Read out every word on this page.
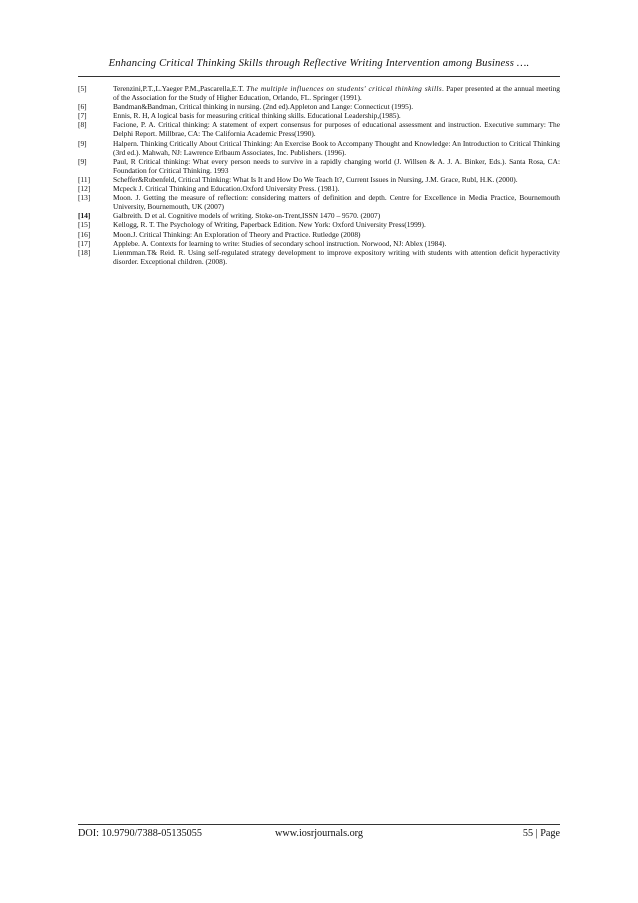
Enhancing Critical Thinking Skills through Reflective Writing Intervention among Business ….
[5]	Terenzini,P.T.,L.Yaeger P.M.,Pascarella,E.T. The multiple influences on students' critical thinking skills. Paper presented at the annual meeting of the Association for the Study of Higher Education, Orlando, FL. Springer (1991).
[6]	Bandman&Bandman, Critical thinking in nursing. (2nd ed).Appleton and Lange: Connecticut (1995).
[7]	Ennis, R. H, A logical basis for measuring critical thinking skills. Educational Leadership,(1985).
[8]	Facione, P. A. Critical thinking: A statement of expert consensus for purposes of educational assessment and instruction. Executive summary: The Delphi Report. Millbrae, CA: The California Academic Press(1990).
[9]	Halpern. Thinking Critically About Critical Thinking: An Exercise Book to Accompany Thought and Knowledge: An Introduction to Critical Thinking (3rd ed.). Mahwah, NJ: Lawrence Erlbaum Associates, Inc. Publishers. (1996).
[9]	Paul, R Critical thinking: What every person needs to survive in a rapidly changing world (J. Willsen & A. J. A. Binker, Eds.). Santa Rosa, CA: Foundation for Critical Thinking. 1993
[11]	Scheffer&Rubenfeld, Critical Thinking: What Is It and How Do We Teach It?, Current Issues in Nursing, J.M. Grace, Rubl, H.K. (2000).
[12]	Mcpeck J. Critical Thinking and Education.Oxford University Press. (1981).
[13]	Moon. J. Getting the measure of reflection: considering matters of definition and depth. Centre for Excellence in Media Practice, Bournemouth University, Bournemouth, UK (2007)
[14]	Galbreith. D et al. Cognitive models of writing. Stoke-on-Trent,ISSN 1470 – 9570. (2007)
[15]	Kellogg, R. T. The Psychology of Writing, Paperback Edition. New York: Oxford University Press(1999).
[16]	Moon.J. Critical Thinking: An Exploration of Theory and Practice. Rutledge (2008)
[17]	Applebe. A. Contexts for learning to write: Studies of secondary school instruction. Norwood, NJ: Ablex (1984).
[18]	Lienmman.T& Reid. R. Using self-regulated strategy development to improve expository writing with students with attention deficit hyperactivity disorder. Exceptional children. (2008).
DOI: 10.9790/7388-05135055	www.iosrjournals.org	55 | Page
